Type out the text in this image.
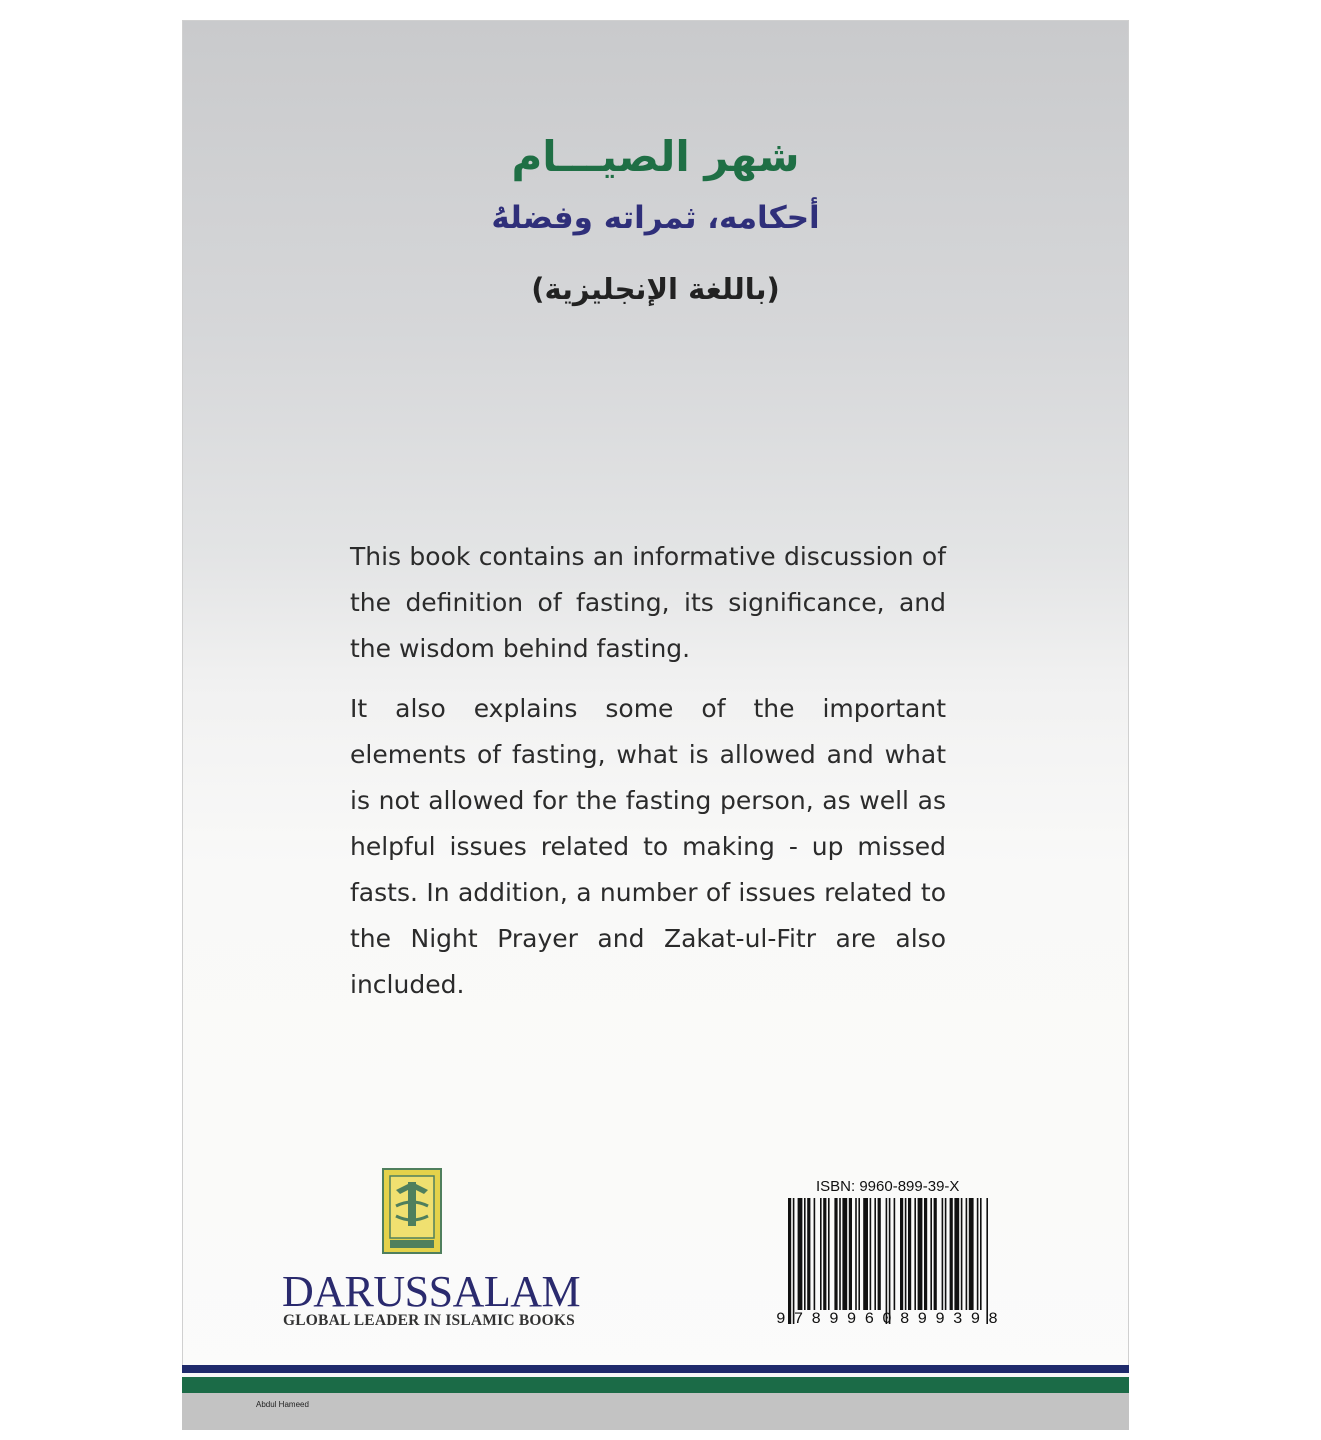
شهر الصيـــام
أحكامه، ثمراته وفضلهُ
(باللغة الإنجليزية)
This book contains an informative discussion of the definition of fasting, its significance, and the wisdom behind fasting.
It also explains some of the important elements of fasting, what is allowed and what is not allowed for the fasting person, as well as helpful issues related to making - up missed fasts. In addition, a number of issues related to the Night Prayer and Zakat-ul-Fitr are also included.
DARUSSALAM
GLOBAL LEADER IN ISLAMIC BOOKS
ISBN: 9960-899-39-X
9 7 8 9 9 6 0 8 9 9 3 9 8
Abdul Hameed
